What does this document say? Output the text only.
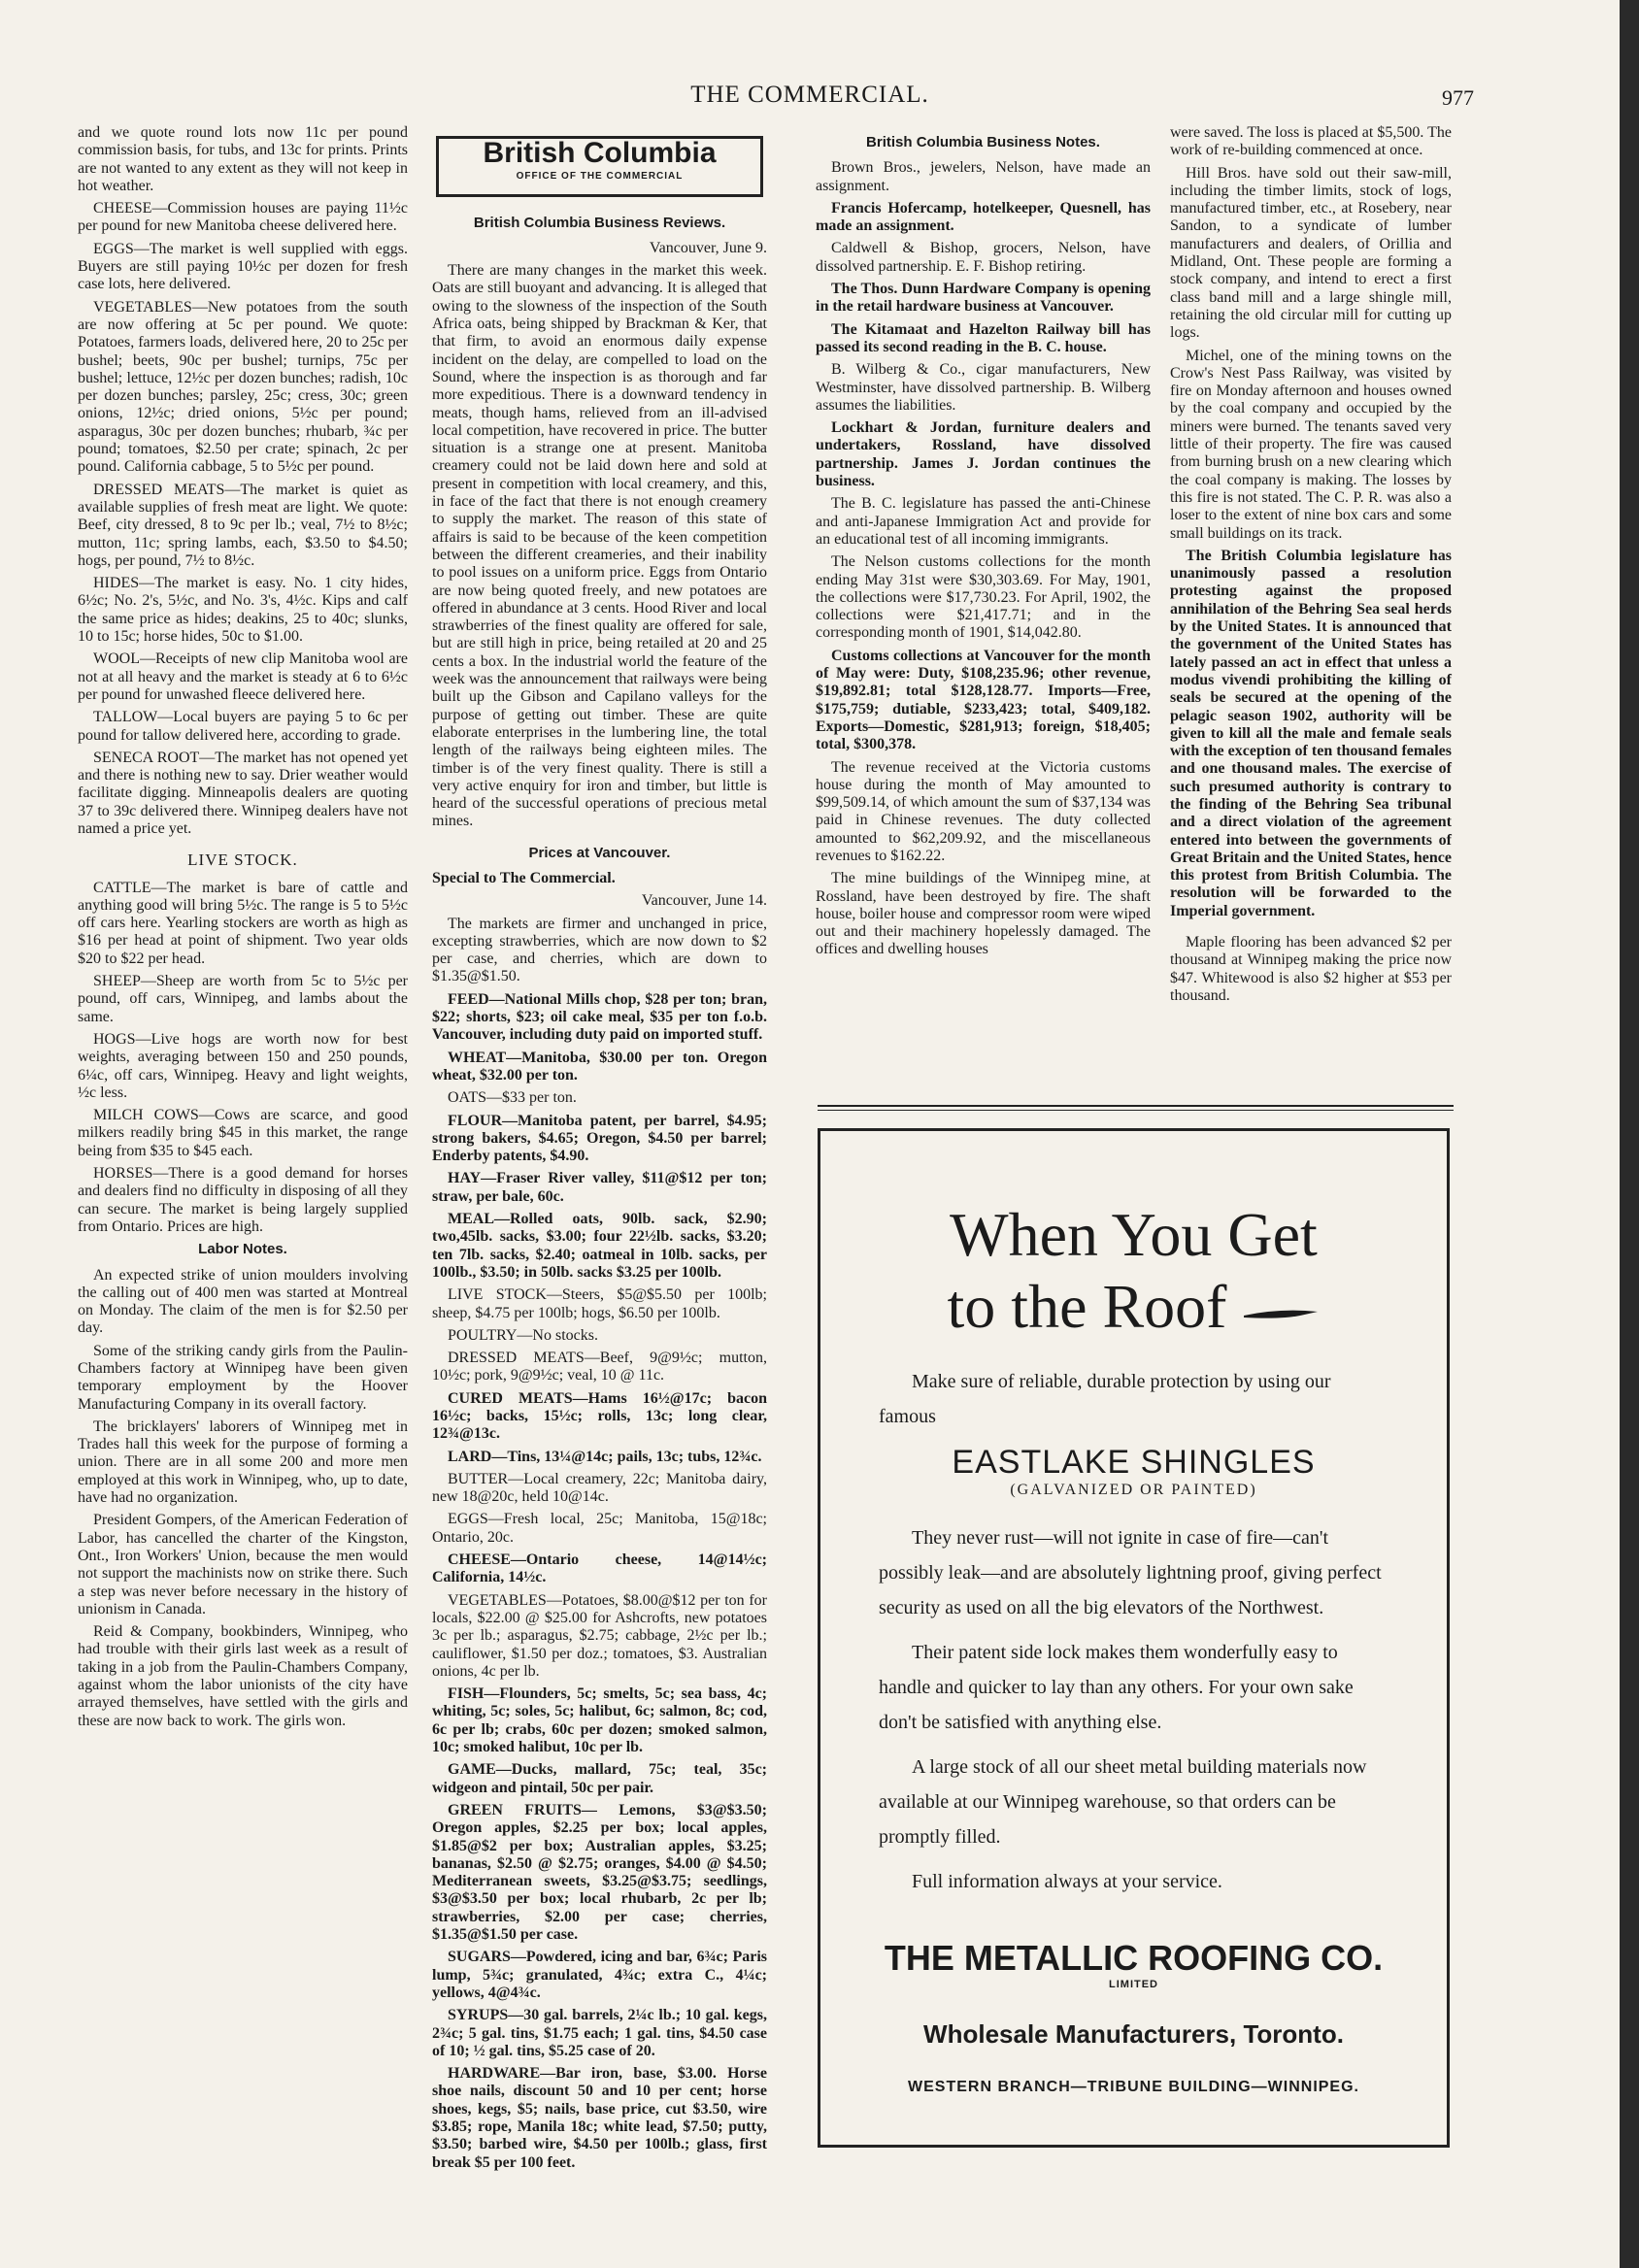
THE COMMERCIAL.	977

and we quote round lots now 11c per pound commission basis, for tubs, and 13c for prints. Prints are not wanted to any extent as they will not keep in hot weather.

CHEESE—Commission houses are paying 11½c per pound for new Manitoba cheese delivered here.

EGGS—The market is well supplied with eggs. Buyers are still paying 10½c per dozen for fresh case lots, here delivered.

VEGETABLES—New potatoes from the south are now offering at 5c per pound. We quote: Potatoes, farmers loads, delivered here, 20 to 25c per bushel; beets, 90c per bushel; turnips, 75c per bushel; lettuce, 12½c per dozen bunches; radish, 10c per dozen bunches; parsley, 25c; cress, 30c; green onions, 12½c; dried onions, 5½c per pound; asparagus, 30c per dozen bunches; rhubarb, ¾c per pound; tomatoes, $2.50 per crate; spinach, 2c per pound. California cabbage, 5 to 5½c per pound.

DRESSED MEATS—The market is quiet as available supplies of fresh meat are light. We quote: Beef, city dressed, 8 to 9c per lb.; veal, 7½ to 8½c; mutton, 11c; spring lambs, each, $3.50 to $4.50; hogs, per pound, 7½ to 8½c.

HIDES—The market is easy. No. 1 city hides, 6½c; No. 2's, 5½c, and No. 3's, 4½c. Kips and calf the same price as hides; deakins, 25 to 40c; slunks, 10 to 15c; horse hides, 50c to $1.00.

WOOL—Receipts of new clip Manitoba wool are not at all heavy and the market is steady at 6 to 6½c per pound for unwashed fleece delivered here.

TALLOW—Local buyers are paying 5 to 6c per pound for tallow delivered here, according to grade.

SENECA ROOT—The market has not opened yet and there is nothing new to say. Drier weather would facilitate digging. Minneapolis dealers are quoting 37 to 39c delivered there. Winnipeg dealers have not named a price yet.

LIVE STOCK.

CATTLE—The market is bare of cattle and anything good will bring 5½c. The range is 5 to 5½c off cars here. Yearling stockers are worth as high as $16 per head at point of shipment. Two year olds $20 to $22 per head.

SHEEP—Sheep are worth from 5c to 5½c per pound, off cars, Winnipeg, and lambs about the same.

HOGS—Live hogs are worth now for best weights, averaging between 150 and 250 pounds, 6¼c, off cars, Winnipeg. Heavy and light weights, ½c less.

MILCH COWS—Cows are scarce, and good milkers readily bring $45 in this market, the range being from $35 to $45 each.

HORSES—There is a good demand for horses and dealers find no difficulty in disposing of all they can secure. The market is being largely supplied from Ontario. Prices are high.

Labor Notes.

An expected strike of union moulders involving the calling out of 400 men was started at Montreal on Monday. The claim of the men is for $2.50 per day.

Some of the striking candy girls from the Paulin-Chambers factory at Winnipeg have been given temporary employment by the Hoover Manufacturing Company in its overall factory.

The bricklayers' laborers of Winnipeg met in Trades hall this week for the purpose of forming a union. There are in all some 200 and more men employed at this work in Winnipeg, who, up to date, have had no organization.

President Gompers, of the American Federation of Labor, has cancelled the charter of the Kingston, Ont., Iron Workers' Union, because the men would not support the machinists now on strike there. Such a step was never before necessary in the history of unionism in Canada.

Reid & Company, bookbinders, Winnipeg, who had trouble with their girls last week as a result of taking in a job from the Paulin-Chambers Company, against whom the labor unionists of the city have arrayed themselves, have settled with the girls and these are now back to work. The girls won.

British Columbia
OFFICE OF THE COMMERCIAL
British Columbia Business Reviews.

Vancouver, June 9.

There are many changes in the market this week. Oats are still buoyant and advancing. It is alleged that owing to the slowness of the inspection of the South Africa oats, being shipped by Brackman & Ker, that that firm, to avoid an enormous daily expense incident on the delay, are compelled to load on the Sound, where the inspection is as thorough and far more expeditious. There is a downward tendency in meats, though hams, relieved from an ill-advised local competition, have recovered in price. The butter situation is a strange one at present. Manitoba creamery could not be laid down here and sold at present in competition with local creamery, and this, in face of the fact that there is not enough creamery to supply the market. The reason of this state of affairs is said to be because of the keen competition between the different creameries, and their inability to pool issues on a uniform price. Eggs from Ontario are now being quoted freely, and new potatoes are offered in abundance at 3 cents. Hood River and local strawberries of the finest quality are offered for sale, but are still high in price, being retailed at 20 and 25 cents a box. In the industrial world the feature of the week was the announcement that railways were being built up the Gibson and Capilano valleys for the purpose of getting out timber. These are quite elaborate enterprises in the lumbering line, the total length of the railways being eighteen miles. The timber is of the very finest quality. There is still a very active enquiry for iron and timber, but little is heard of the successful operations of precious metal mines.

Prices at Vancouver.

Special to The Commercial.

Vancouver, June 14.

The markets are firmer and unchanged in price, excepting strawberries, which are now down to $2 per case, and cherries, which are down to $1.35@$1.50.

FEED—National Mills chop, $28 per ton; bran, $22; shorts, $23; oil cake meal, $35 per ton f.o.b. Vancouver, including duty paid on imported stuff.

WHEAT—Manitoba, $30.00 per ton. Oregon wheat, $32.00 per ton.

OATS—$33 per ton.

FLOUR—Manitoba patent, per barrel, $4.95; strong bakers, $4.65; Oregon, $4.50 per barrel; Enderby patents, $4.90.

HAY—Fraser River valley, $11@$12 per ton; straw, per bale, 60c.

MEAL—Rolled oats, 90lb. sack, $2.90; two,45lb. sacks, $3.00; four 22½lb. sacks, $3.20; ten 7lb. sacks, $2.40; oatmeal in 10lb. sacks, per 100lb., $3.50; in 50lb. sacks $3.25 per 100lb.

LIVE STOCK—Steers, $5@$5.50 per 100lb; sheep, $4.75 per 100lb; hogs, $6.50 per 100lb.

POULTRY—No stocks.

DRESSED MEATS—Beef, 9@9½c; mutton, 10½c; pork, 9@9½c; veal, 10 @ 11c.

CURED MEATS—Hams 16½@17c; bacon 16½c; backs, 15½c; rolls, 13c; long clear, 12¾@13c.

LARD—Tins, 13¼@14c; pails, 13c; tubs, 12¾c.

BUTTER—Local creamery, 22c; Manitoba dairy, new 18@20c, held 10@14c.

EGGS—Fresh local, 25c; Manitoba, 15@18c; Ontario, 20c.

CHEESE—Ontario cheese, 14@14½c; California, 14½c.

VEGETABLES—Potatoes, $8.00@$12 per ton for locals, $22.00 @ $25.00 for Ashcrofts, new potatoes 3c per lb.; asparagus, $2.75; cabbage, 2½c per lb.; cauliflower, $1.50 per doz.; tomatoes, $3. Australian onions, 4c per lb.

FISH—Flounders, 5c; smelts, 5c; sea bass, 4c; whiting, 5c; soles, 5c; halibut, 6c; salmon, 8c; cod, 6c per lb; crabs, 60c per dozen; smoked salmon, 10c; smoked halibut, 10c per lb.

GAME—Ducks, mallard, 75c; teal, 35c; widgeon and pintail, 50c per pair.

GREEN FRUITS— Lemons, $3@$3.50; Oregon apples, $2.25 per box; local apples, $1.85@$2 per box; Australian apples, $3.25; bananas, $2.50 @ $2.75; oranges, $4.00 @ $4.50; Mediterranean sweets, $3.25@$3.75; seedlings, $3@$3.50 per box; local rhubarb, 2c per lb; strawberries, $2.00 per case; cherries, $1.35@$1.50 per case.

SUGARS—Powdered, icing and bar, 6¾c; Paris lump, 5¾c; granulated, 4¾c; extra C., 4¼c; yellows, 4@4¾c.

SYRUPS—30 gal. barrels, 2¼c lb.; 10 gal. kegs, 2¾c; 5 gal. tins, $1.75 each; 1 gal. tins, $4.50 case of 10; ½ gal. tins, $5.25 case of 20.

HARDWARE—Bar iron, base, $3.00. Horse shoe nails, discount 50 and 10 per cent; horse shoes, kegs, $5; nails, base price, cut $3.50, wire $3.85; rope, Manila 18c; white lead, $7.50; putty, $3.50; barbed wire, $4.50 per 100lb.; glass, first break $5 per 100 feet.

British Columbia Business Notes.

Brown Bros., jewelers, Nelson, have made an assignment.

Francis Hofercamp, hotelkeeper, Quesnell, has made an assignment.

Caldwell & Bishop, grocers, Nelson, have dissolved partnership. E. F. Bishop retiring.

The Thos. Dunn Hardware Company is opening in the retail hardware business at Vancouver.

The Kitamaat and Hazelton Railway bill has passed its second reading in the B. C. house.

B. Wilberg & Co., cigar manufacturers, New Westminster, have dissolved partnership. B. Wilberg assumes the liabilities.

Lockhart & Jordan, furniture dealers and undertakers, Rossland, have dissolved partnership. James J. Jordan continues the business.

The B. C. legislature has passed the anti-Chinese and anti-Japanese Immigration Act and provide for an educational test of all incoming immigrants.

The Nelson customs collections for the month ending May 31st were $30,303.69. For May, 1901, the collections were $17,730.23. For April, 1902, the collections were $21,417.71; and in the corresponding month of 1901, $14,042.80.

Customs collections at Vancouver for the month of May were: Duty, $108,235.96; other revenue, $19,892.81; total $128,128.77. Imports—Free, $175,759; dutiable, $233,423; total, $409,182. Exports—Domestic, $281,913; foreign, $18,405; total, $300,378.

The revenue received at the Victoria customs house during the month of May amounted to $99,509.14, of which amount the sum of $37,134 was paid in Chinese revenues. The duty collected amounted to $62,209.92, and the miscellaneous revenues to $162.22.

The mine buildings of the Winnipeg mine, at Rossland, have been destroyed by fire. The shaft house, boiler house and compressor room were wiped out and their machinery hopelessly damaged. The offices and dwelling houses

were saved. The loss is placed at $5,500. The work of re-building commenced at once.

Hill Bros. have sold out their saw-mill, including the timber limits, stock of logs, manufactured timber, etc., at Rosebery, near Sandon, to a syndicate of lumber manufacturers and dealers, of Orillia and Midland, Ont. These people are forming a stock company, and intend to erect a first class band mill and a large shingle mill, retaining the old circular mill for cutting up logs.

Michel, one of the mining towns on the Crow's Nest Pass Railway, was visited by fire on Monday afternoon and houses owned by the coal company and occupied by the miners were burned. The tenants saved very little of their property. The fire was caused from burning brush on a new clearing which the coal company is making. The losses by this fire is not stated. The C. P. R. was also a loser to the extent of nine box cars and some small buildings on its track.

The British Columbia legislature has unanimously passed a resolution protesting against the proposed annihilation of the Behring Sea seal herds by the United States. It is announced that the government of the United States has lately passed an act in effect that unless a modus vivendi prohibiting the killing of seals be secured at the opening of the pelagic season 1902, authority will be given to kill all the male and female seals with the exception of ten thousand females and one thousand males. The exercise of such presumed authority is contrary to the finding of the Behring Sea tribunal and a direct violation of the agreement entered into between the governments of Great Britain and the United States, hence this protest from British Columbia. The resolution will be forwarded to the Imperial government.

Maple flooring has been advanced $2 per thousand at Winnipeg making the price now $47. Whitewood is also $2 higher at $53 per thousand.

When You Get
to the Roof

Make sure of reliable, durable protection by using our famous

EASTLAKE SHINGLES
(GALVANIZED OR PAINTED)

They never rust—will not ignite in case of fire—can't possibly leak—and are absolutely lightning proof, giving perfect security as used on all the big elevators of the Northwest.

Their patent side lock makes them wonderfully easy to handle and quicker to lay than any others. For your own sake don't be satisfied with anything else.

A large stock of all our sheet metal building materials now available at our Winnipeg warehouse, so that orders can be promptly filled.

Full information always at your service.

THE METALLIC ROOFING CO.
LIMITED
Wholesale Manufacturers, Toronto.
WESTERN BRANCH—TRIBUNE BUILDING—WINNIPEG.
